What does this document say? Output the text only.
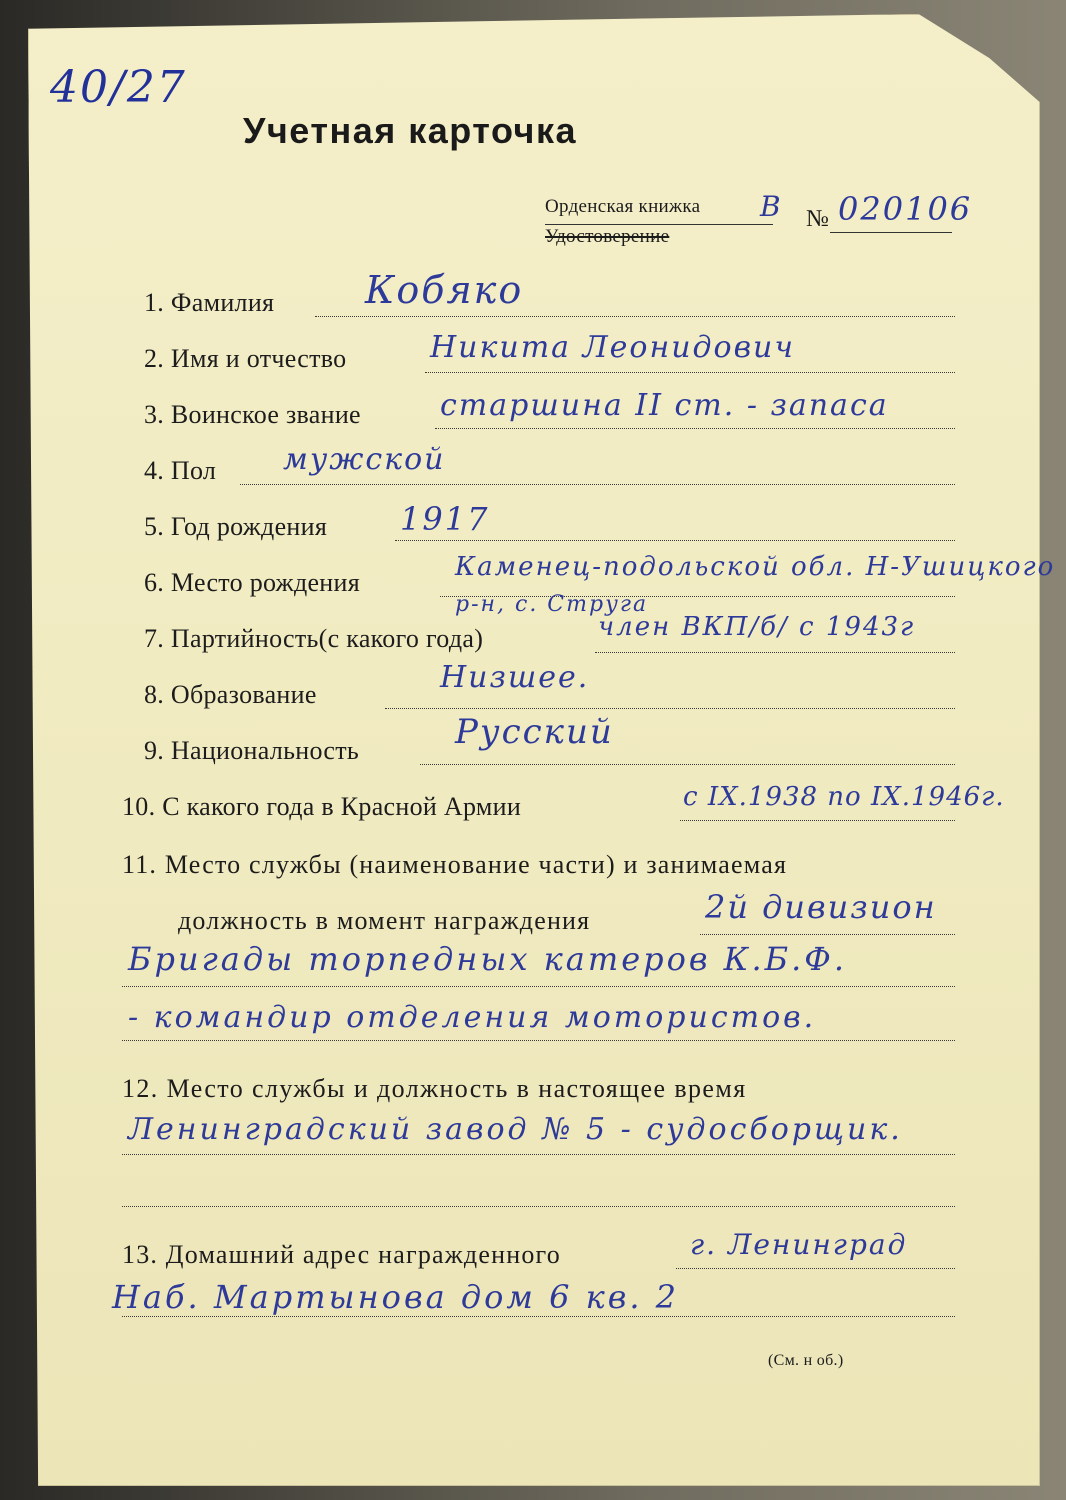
40/27
Учетная карточка
Орденская книжка
Удостоверение
В № 020106
1. Фамилия Кобяко
2. Имя и отчество	Никита Леонидович
3. Воинское звание	старшина II ст. - запаса
4. Пол мужской
5. Год рождения 1917
6. Место рождения
Каменец-подольской обл. Н-Ушицкого
р-н, с. Струга
7. Партийность(с какого года)	член ВКП/б/ с 1943г
8. Образование	Низшее.
9. Национальность	Русский
10. С какого года в Красной Армии	с IX.1938 по IX.1946г.
11. Место службы (наименование части) и занимаемая
должность в момент награждения	2й дивизион
Бригады торпедных катеров К.Б.Ф.
- командир отделения мотористов.
12. Место службы и должность в настоящее время
Ленинградский завод № 5 - судосборщик.
13. Домашний адрес награжденного	г. Ленинград
Наб. Мартынова дом 6 кв. 2
(См. н об.)
